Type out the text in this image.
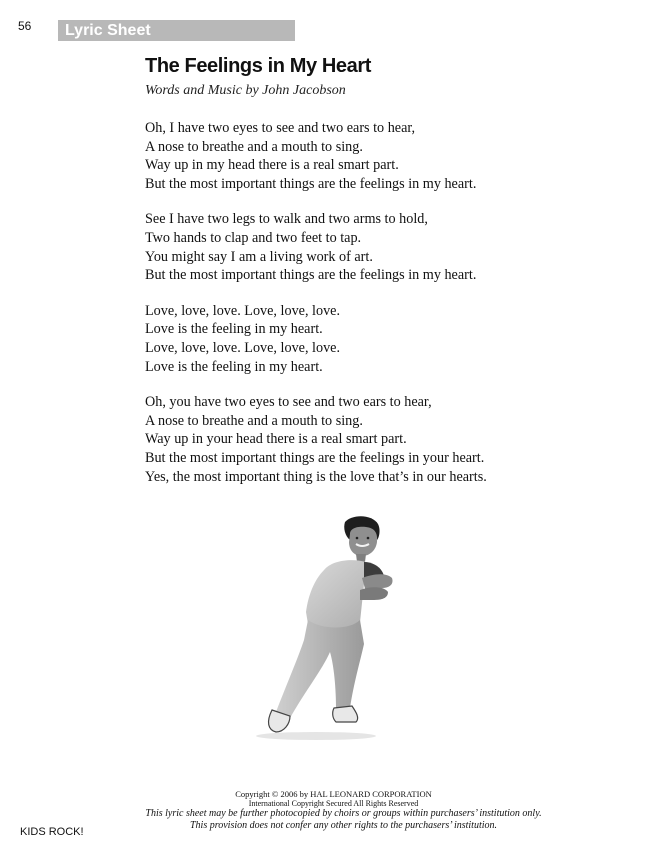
56	Lyric Sheet
The Feelings in My Heart
Words and Music by John Jacobson
Oh, I have two eyes to see and two ears to hear,
A nose to breathe and a mouth to sing.
Way up in my head there is a real smart part.
But the most important things are the feelings in my heart.
See I have two legs to walk and two arms to hold,
Two hands to clap and two feet to tap.
You might say I am a living work of art.
But the most important things are the feelings in my heart.
Love, love, love. Love, love, love.
Love is the feeling in my heart.
Love, love, love. Love, love, love.
Love is the feeling in my heart.
Oh, you have two eyes to see and two ears to hear,
A nose to breathe and a mouth to sing.
Way up in your head there is a real smart part.
But the most important things are the feelings in your heart.
Yes, the most important thing is the love that’s in our hearts.
Copyright © 2006 by HAL LEONARD CORPORATION
International Copyright Secured All Rights Reserved
This lyric sheet may be further photocopied by choirs or groups within purchasers’ institution only.
This provision does not confer any other rights to the purchasers’ institution.
KIDS ROCK!
